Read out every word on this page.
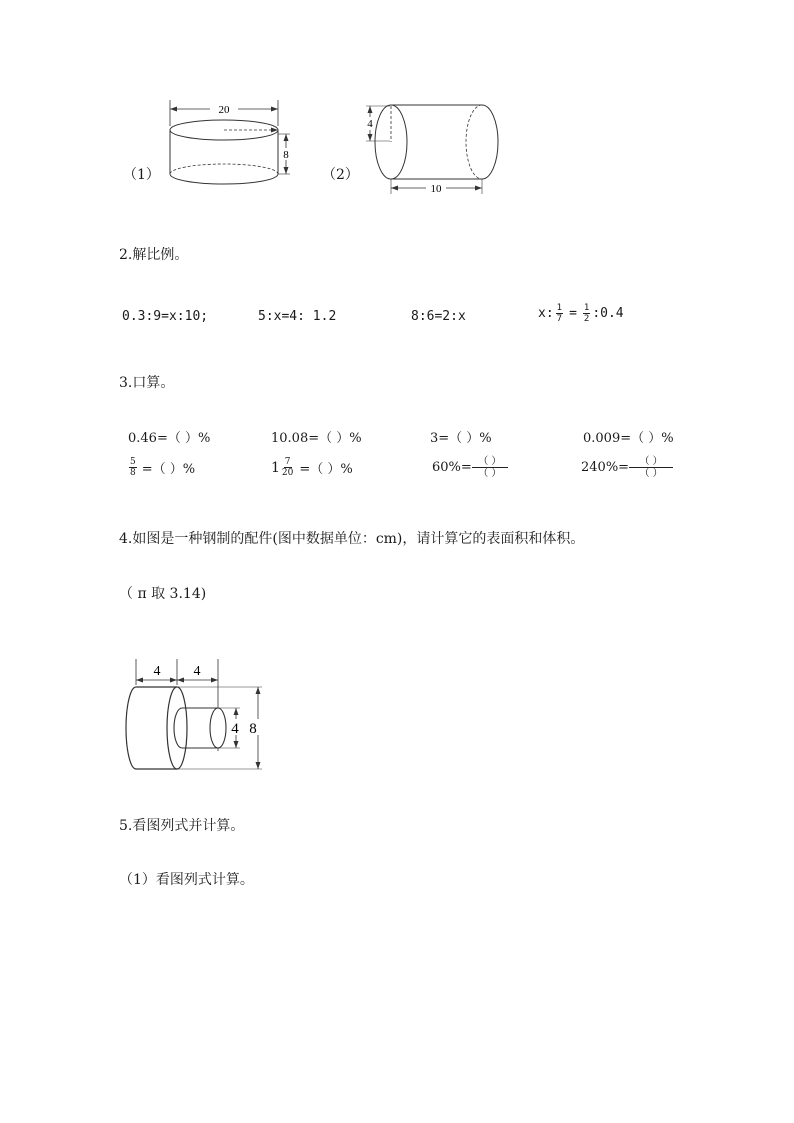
（1）
20
8
（2）
4
10
2.解比例。
0.3:9=x:10;	5:x=4: 1.2	8:6=2:x	x: $\frac{1}{7} = \frac{1}{2}$ :0.4
3.口算。
0.46=（ ）%	10.08=（ ）%	3=（ ）%	0.009=（ ）%
$\frac{5}{8}$ =（ ）%	$1 \frac{7}{20}$ =（ ）%	$60\%= \frac{( )}{( )}$	$240\%= \frac{( )}{( )}$
4.如图是一种钢制的配件(图中数据单位：cm)，请计算它的表面积和体积。
（ π 取 3.14)
4 4
4 8
5.看图列式并计算。
（1）看图列式计算。
